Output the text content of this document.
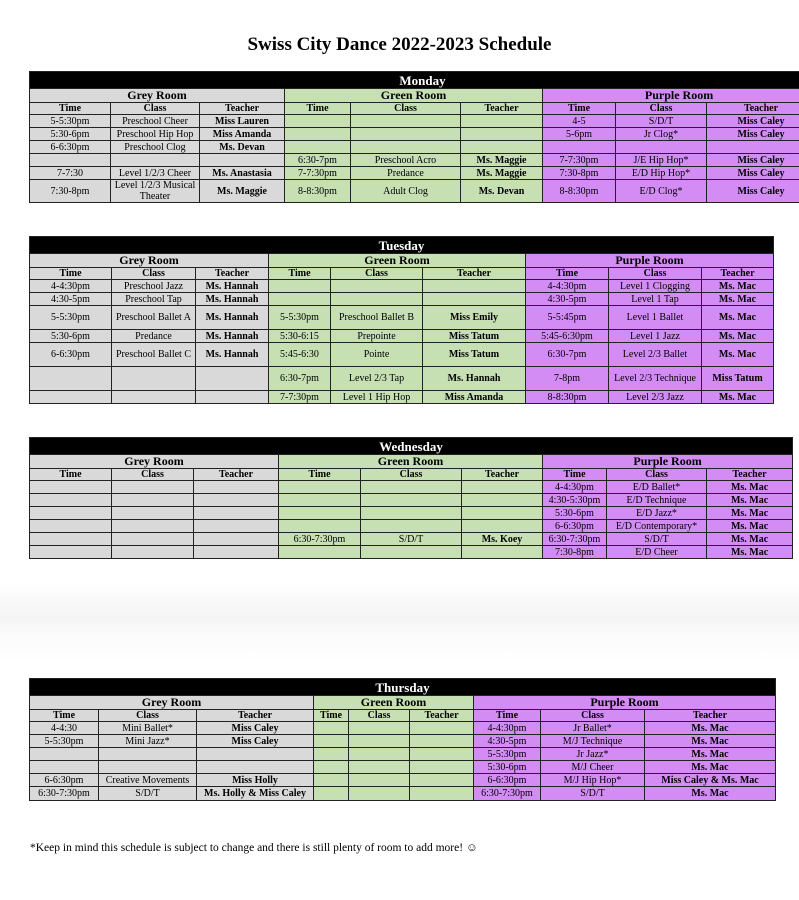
Swiss City Dance 2022-2023 Schedule
Monday								
Grey Room			Green Room			Purple Room		
Time	Class	Teacher	Time	Class	Teacher	Time	Class	Teacher
5-5:30pm	Preschool Cheer	Miss Lauren				4-5	S/D/T	Miss Caley
5:30-6pm	Preschool Hip Hop	Miss Amanda				5-6pm	Jr Clog*	Miss Caley
6-6:30pm	Preschool Clog	Ms. Devan						
			6:30-7pm	Preschool Acro	Ms. Maggie	7-7:30pm	J/E Hip Hop*	Miss Caley
7-7:30	Level 1/2/3 Cheer	Ms. Anastasia	7-7:30pm	Predance	Ms. Maggie	7:30-8pm	E/D Hip Hop*	Miss Caley
7:30-8pm	Level 1/2/3 Musical Theater	Ms. Maggie	8-8:30pm	Adult Clog	Ms. Devan	8-8:30pm	E/D Clog*	Miss Caley
Tuesday								
Grey Room			Green Room			Purple Room		
Time	Class	Teacher	Time	Class	Teacher	Time	Class	Teacher
4-4:30pm	Preschool Jazz	Ms. Hannah				4-4:30pm	Level 1 Clogging	Ms. Mac
4:30-5pm	Preschool Tap	Ms. Hannah				4:30-5pm	Level 1 Tap	Ms. Mac
5-5:30pm	Preschool Ballet A	Ms. Hannah	5-5:30pm	Preschool Ballet B	Miss Emily	5-5:45pm	Level 1 Ballet	Ms. Mac
5:30-6pm	Predance	Ms. Hannah	5:30-6:15	Prepointe	Miss Tatum	5:45-6:30pm	Level 1 Jazz	Ms. Mac
6-6:30pm	Preschool Ballet C	Ms. Hannah	5:45-6:30	Pointe	Miss Tatum	6:30-7pm	Level 2/3 Ballet	Ms. Mac
			6:30-7pm	Level 2/3 Tap	Ms. Hannah	7-8pm	Level 2/3 Technique	Miss Tatum
			7-7:30pm	Level 1 Hip Hop	Miss Amanda	8-8:30pm	Level 2/3 Jazz	Ms. Mac
Wednesday								
Grey Room			Green Room			Purple Room		
Time	Class	Teacher	Time	Class	Teacher	Time	Class	Teacher
						4-4:30pm	E/D Ballet*	Ms. Mac
						4:30-5:30pm	E/D Technique	Ms. Mac
						5:30-6pm	E/D Jazz*	Ms. Mac
						6-6:30pm	E/D Contemporary*	Ms. Mac
			6:30-7:30pm	S/D/T	Ms. Koey	6:30-7:30pm	S/D/T	Ms. Mac
						7:30-8pm	E/D Cheer	Ms. Mac
Thursday								
Grey Room			Green Room			Purple Room		
Time	Class	Teacher	Time	Class	Teacher	Time	Class	Teacher
4-4:30	Mini Ballet*	Miss Caley				4-4:30pm	Jr Ballet*	Ms. Mac
5-5:30pm	Mini Jazz*	Miss Caley				4:30-5pm	M/J Technique	Ms. Mac
						5-5:30pm	Jr Jazz*	Ms. Mac
						5:30-6pm	M/J Cheer	Ms. Mac
6-6:30pm	Creative Movements	Miss Holly				6-6:30pm	M/J Hip Hop*	Miss Caley & Ms. Mac
6:30-7:30pm	S/D/T	Ms. Holly & Miss Caley				6:30-7:30pm	S/D/T	Ms. Mac
*Keep in mind this schedule is subject to change and there is still plenty of room to add more! ☺
